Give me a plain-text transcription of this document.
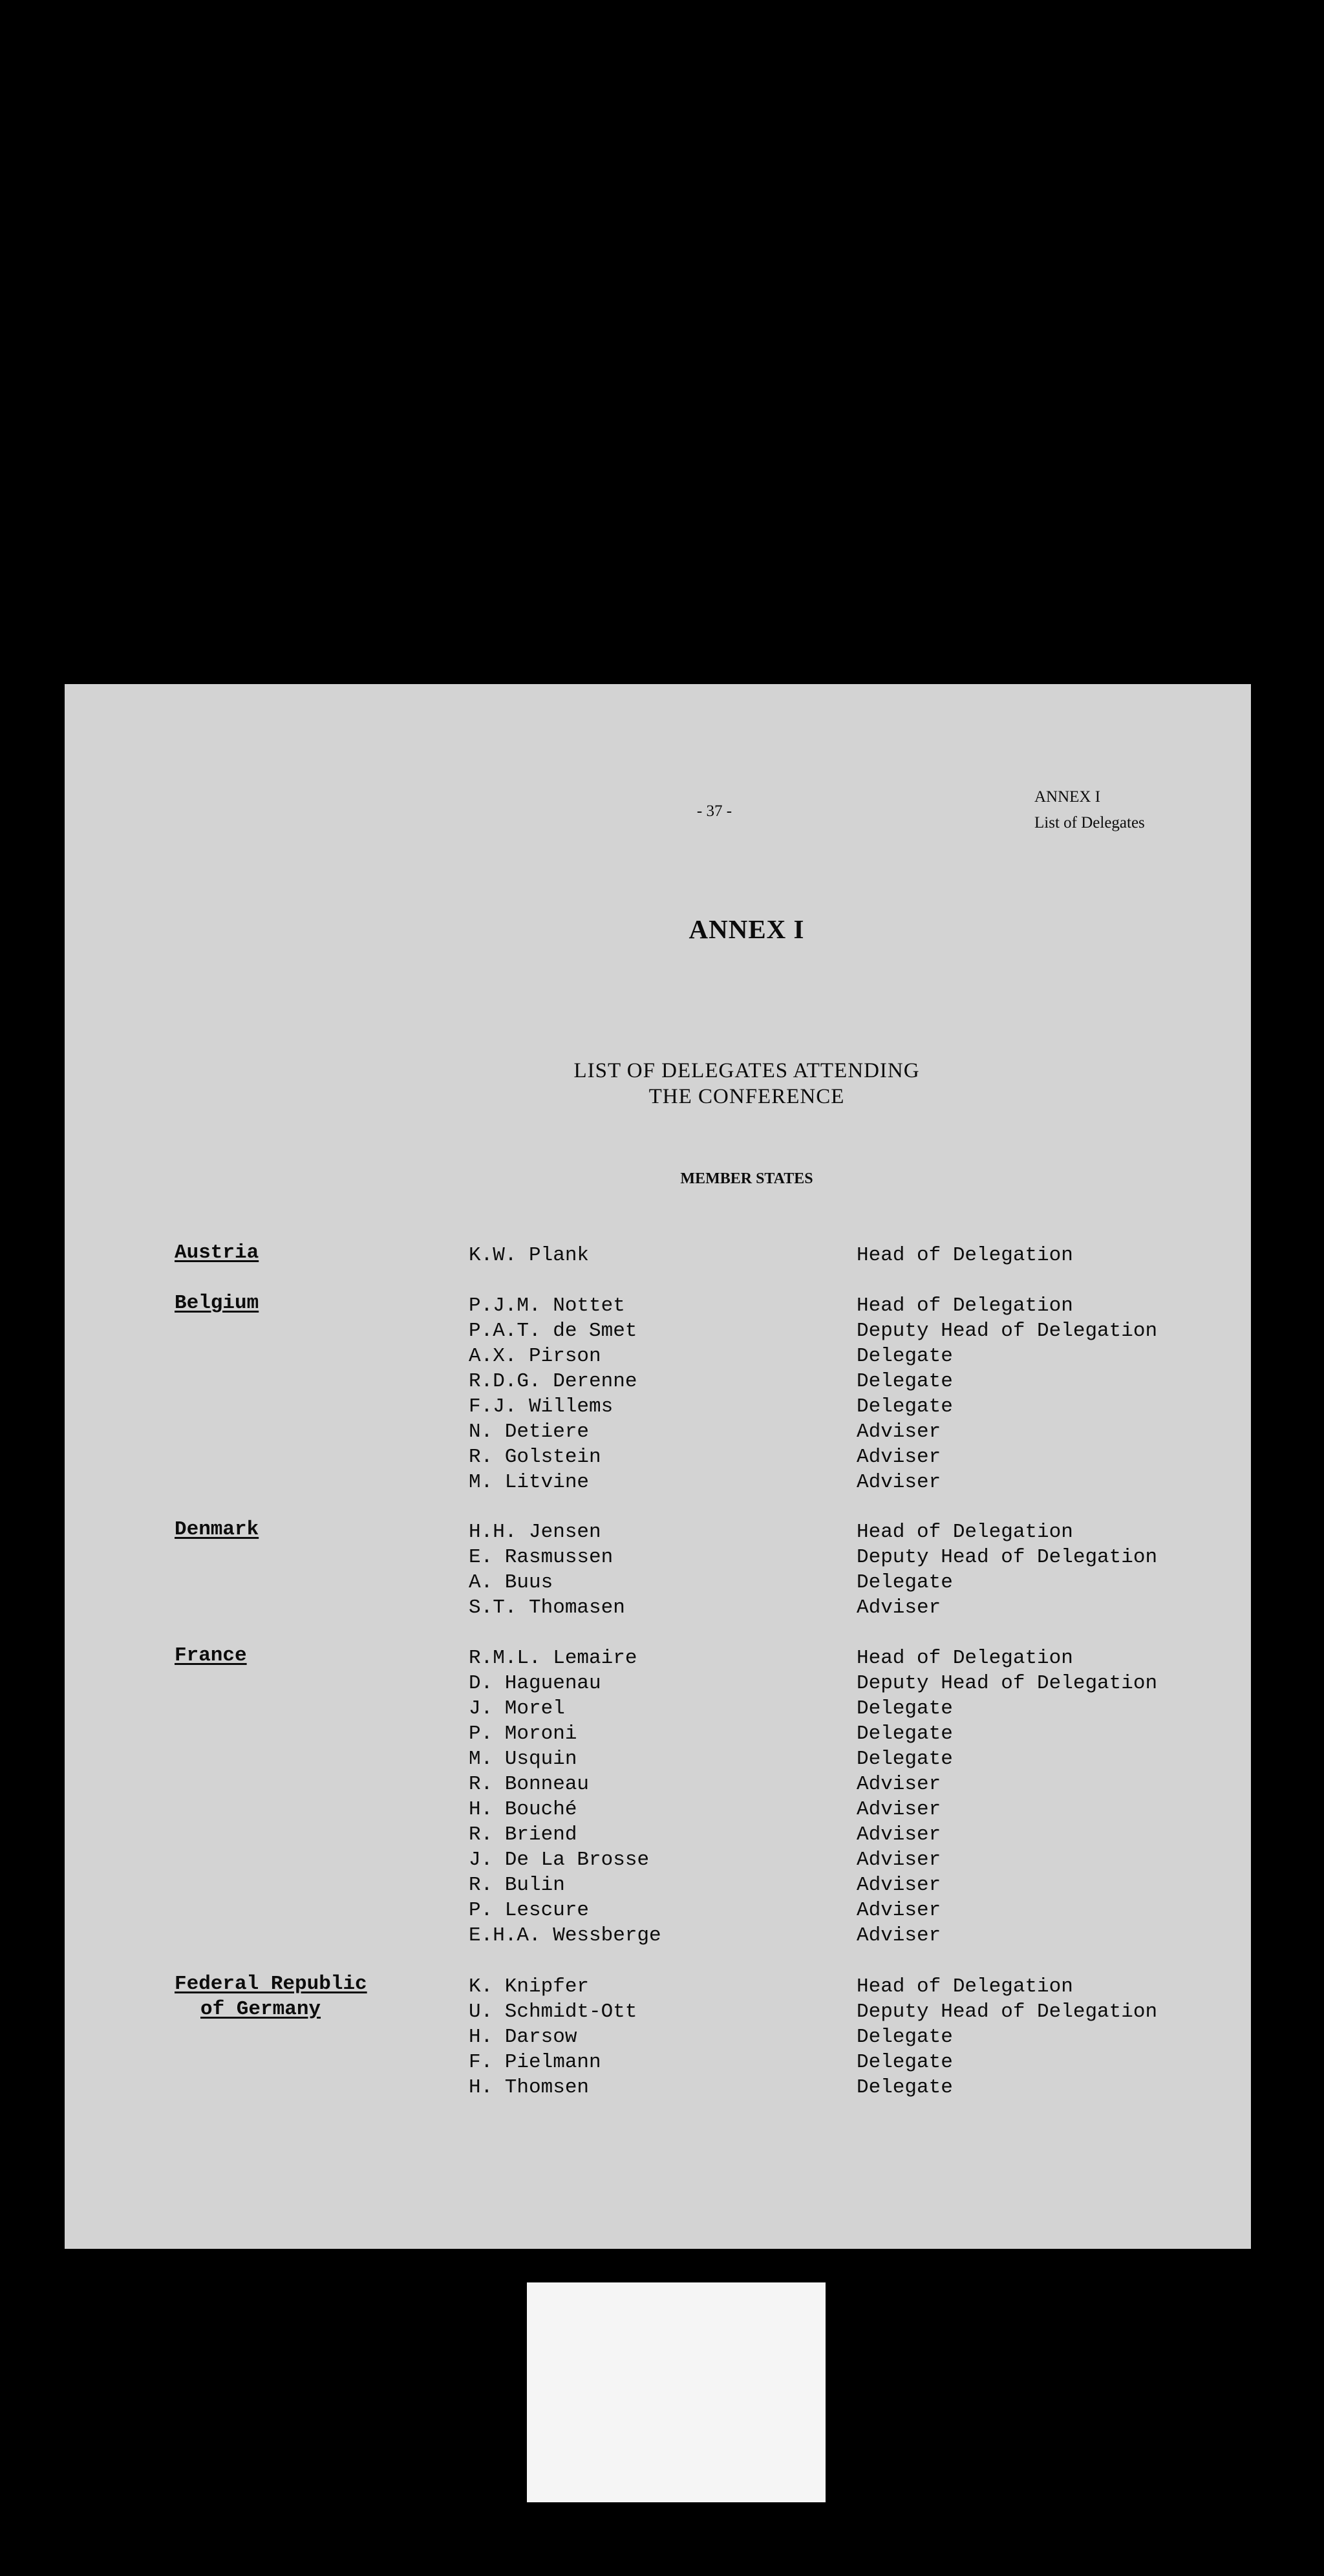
- 37 -
ANNEX I
List of Delegates
ANNEX I
LIST OF DELEGATES ATTENDING
THE CONFERENCE
MEMBER STATES
Austria	K.W. Plank	Head of Delegation
Belgium	P.J.M. Nottet	Head of Delegation
P.A.T. de Smet	Deputy Head of Delegation
A.X. Pirson	Delegate
R.D.G. Derenne	Delegate
F.J. Willems	Delegate
N. Detiere	Adviser
R. Golstein	Adviser
M. Litvine	Adviser
Denmark	H.H. Jensen	Head of Delegation
E. Rasmussen	Deputy Head of Delegation
A. Buus	Delegate
S.T. Thomasen	Adviser
France	R.M.L. Lemaire	Head of Delegation
D. Haguenau	Deputy Head of Delegation
J. Morel	Delegate
P. Moroni	Delegate
M. Usquin	Delegate
R. Bonneau	Adviser
H. Bouché	Adviser
R. Briend	Adviser
J. De La Brosse	Adviser
R. Bulin	Adviser
P. Lescure	Adviser
E.H.A. Wessberge	Adviser
Federal Republic
of Germany
K. Knipfer	Head of Delegation
U. Schmidt-Ott	Deputy Head of Delegation
H. Darsow	Delegate
F. Pielmann	Delegate
H. Thomsen	Delegate
